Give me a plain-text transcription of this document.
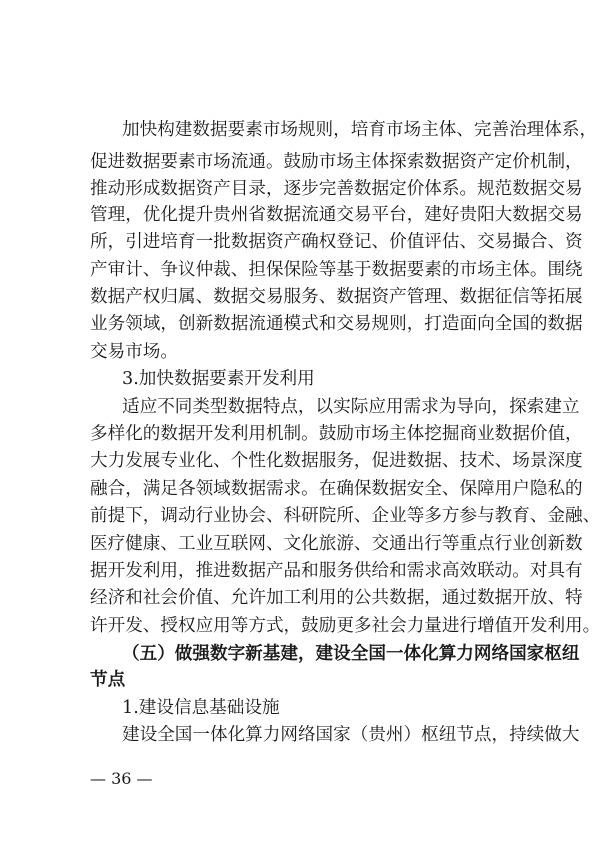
加快构建数据要素市场规则，培育市场主体、完善治理体系，
促进数据要素市场流通。鼓励市场主体探索数据资产定价机制，
推动形成数据资产目录，逐步完善数据定价体系。规范数据交易
管理，优化提升贵州省数据流通交易平台，建好贵阳大数据交易
所，引进培育一批数据资产确权登记、价值评估、交易撮合、资
产审计、争议仲裁、担保保险等基于数据要素的市场主体。围绕
数据产权归属、数据交易服务、数据资产管理、数据征信等拓展
业务领域，创新数据流通模式和交易规则，打造面向全国的数据
交易市场。
3.加快数据要素开发利用
适应不同类型数据特点，以实际应用需求为导向，探索建立
多样化的数据开发利用机制。鼓励市场主体挖掘商业数据价值，
大力发展专业化、个性化数据服务，促进数据、技术、场景深度
融合，满足各领域数据需求。在确保数据安全、保障用户隐私的
前提下，调动行业协会、科研院所、企业等多方参与教育、金融、
医疗健康、工业互联网、文化旅游、交通出行等重点行业创新数
据开发利用，推进数据产品和服务供给和需求高效联动。对具有
经济和社会价值、允许加工利用的公共数据，通过数据开放、特
许开发、授权应用等方式，鼓励更多社会力量进行增值开发利用。
（五）做强数字新基建，建设全国一体化算力网络国家枢纽
节点
1.建设信息基础设施
建设全国一体化算力网络国家（贵州）枢纽节点，持续做大
— 36 —
